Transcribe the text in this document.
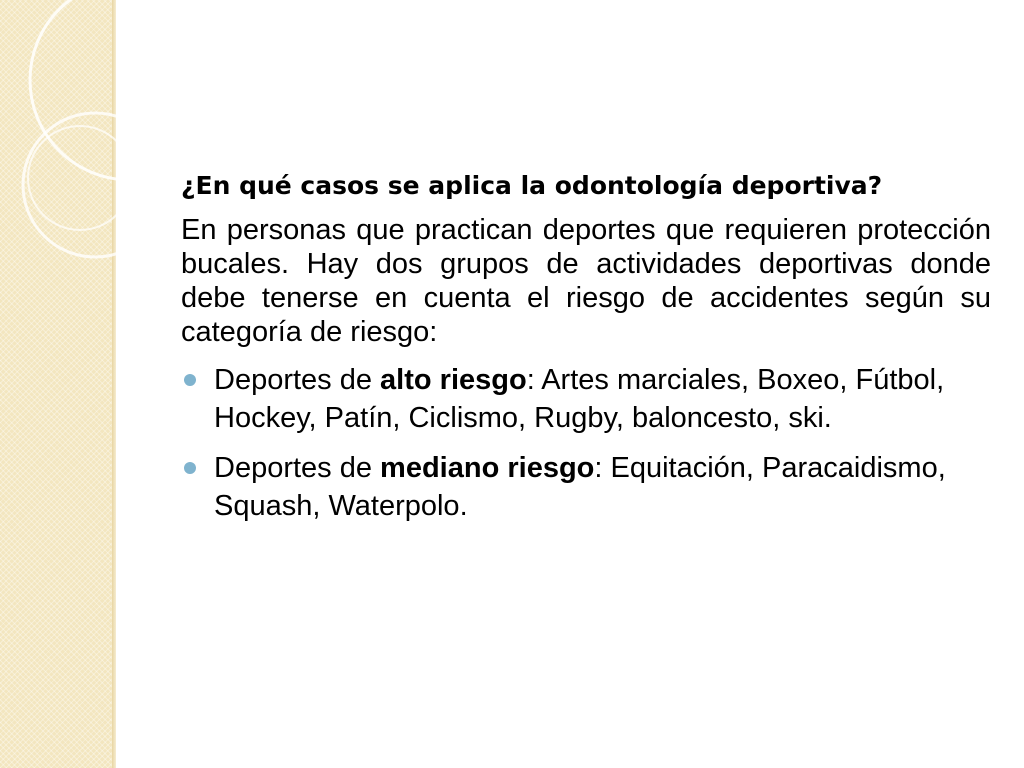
¿En qué casos se aplica la odontología deportiva?

En personas que practican deportes que requieren protección bucales. Hay dos grupos de actividades deportivas donde debe tenerse en cuenta el riesgo de accidentes según su categoría de riesgo:

Deportes de alto riesgo: Artes marciales, Boxeo, Fútbol, Hockey, Patín, Ciclismo, Rugby, baloncesto, ski.
Deportes de mediano riesgo: Equitación, Paracaidismo, Squash, Waterpolo.
